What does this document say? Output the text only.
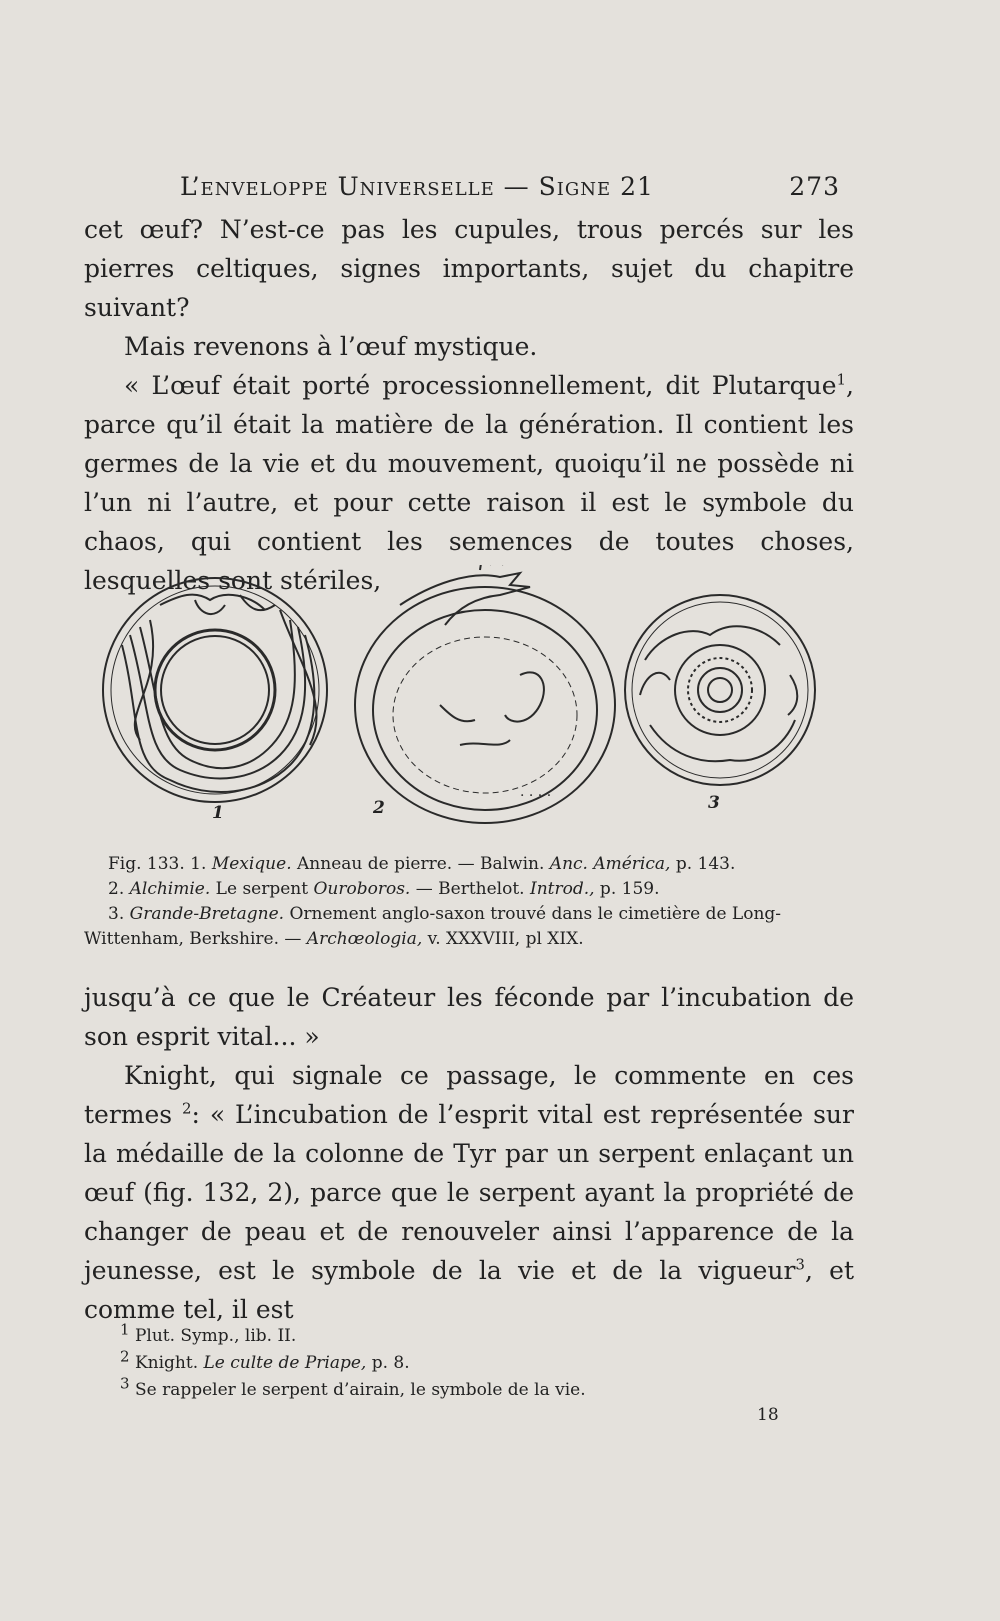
L’enveloppe Universelle — Signe 21	273

cet œuf? N’est-ce pas les cupules, trous percés sur les pierres celtiques, signes importants, sujet du chapitre suivant?

Mais revenons à l’œuf mystique.

« L’œuf était porté processionnellement, dit Plutarque$^1$, parce qu’il était la matière de la génération. Il contient les germes de la vie et du mouvement, quoiqu’il ne possède ni l’un ni l’autre, et pour cette raison il est le symbole du chaos, qui contient les semences de toutes choses, lesquelles sont stériles,

· · · ·
1	2	3

Fig. 133. 1. Mexique. Anneau de pierre. — Balwin. Anc. América, p. 143.

2. Alchimie. Le serpent Ouroboros. — Berthelot. Introd., p. 159.

3. Grande-Bretagne. Ornement anglo-saxon trouvé dans le cimetière de Long-Wittenham, Berkshire. — Archœologia, v. XXXVIII, pl XIX.

jusqu’à ce que le Créateur les féconde par l’incubation de son esprit vital... »

Knight, qui signale ce passage, le commente en ces termes $^2$: « L’incubation de l’esprit vital est représentée sur la médaille de la colonne de Tyr par un serpent enlaçant un œuf (fig. 132, 2), parce que le serpent ayant la propriété de changer de peau et de renouveler ainsi l’apparence de la jeunesse, est le symbole de la vie et de la vigueur$^3$, et comme tel, il est

$^1$ Plut. Symp., lib. II.

$^2$ Knight. Le culte de Priape, p. 8.

$^3$ Se rappeler le serpent d’airain, le symbole de la vie.

18
